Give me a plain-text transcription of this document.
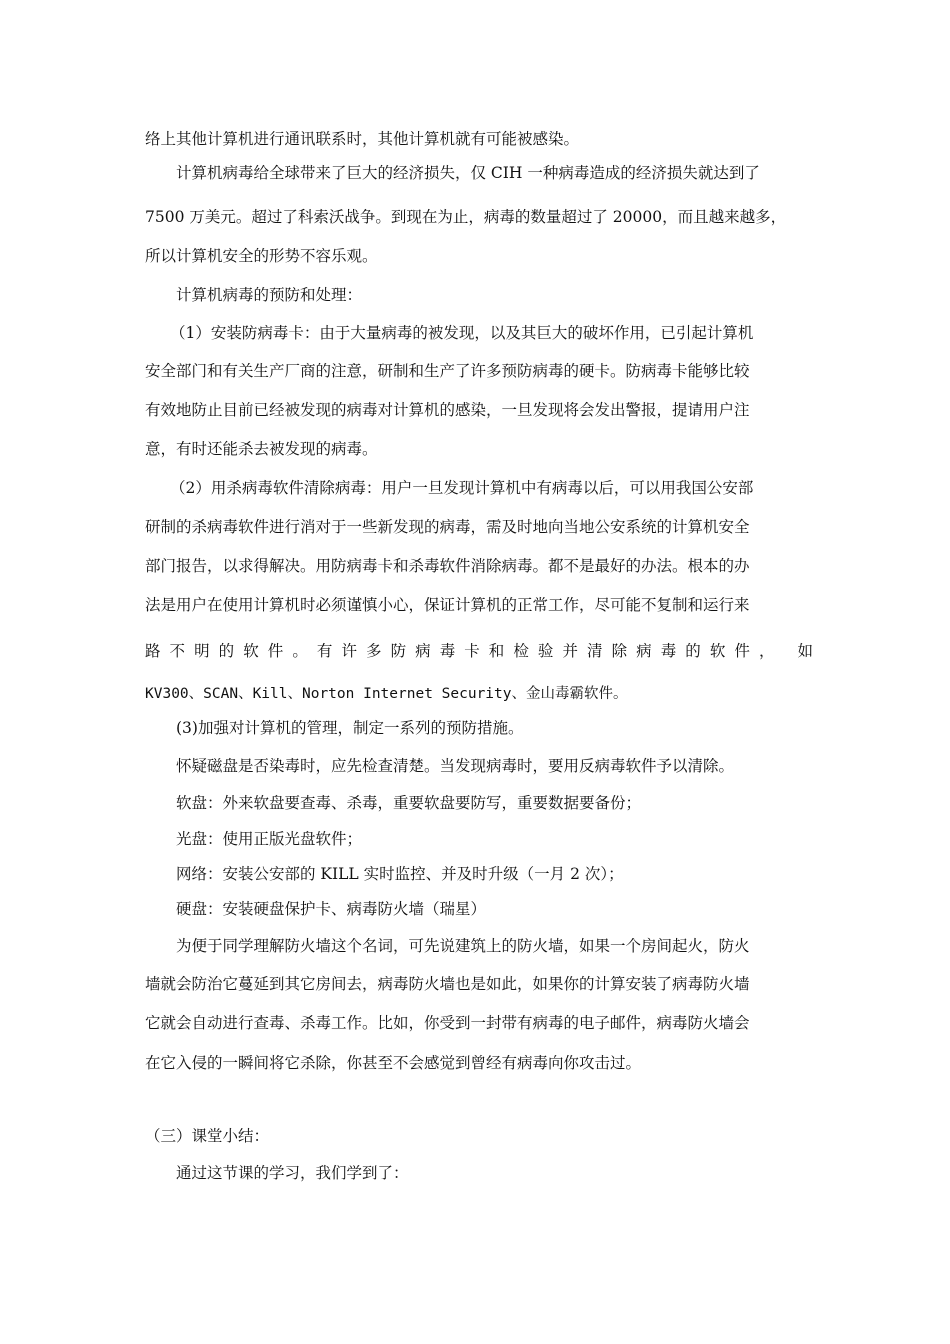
络上其他计算机进行通讯联系时，其他计算机就有可能被感染。
计算机病毒给全球带来了巨大的经济损失，仅 CIH 一种病毒造成的经济损失就达到了
7500 万美元。超过了科索沃战争。到现在为止，病毒的数量超过了 20000，而且越来越多，
所以计算机安全的形势不容乐观。
计算机病毒的预防和处理：
（1）安装防病毒卡：由于大量病毒的被发现，以及其巨大的破坏作用，已引起计算机
安全部门和有关生产厂商的注意，研制和生产了许多预防病毒的硬卡。防病毒卡能够比较
有效地防止目前已经被发现的病毒对计算机的感染，一旦发现将会发出警报，提请用户注
意，有时还能杀去被发现的病毒。
（2）用杀病毒软件清除病毒：用户一旦发现计算机中有病毒以后，可以用我国公安部
研制的杀病毒软件进行消对于一些新发现的病毒，需及时地向当地公安系统的计算机安全
部门报告，以求得解决。用防病毒卡和杀毒软件消除病毒。都不是最好的办法。根本的办
法是用户在使用计算机时必须谨慎小心，保证计算机的正常工作，尽可能不复制和运行来
路不明的软件。有许多防病毒卡和检验并清除病毒的软件， 如
KV300、SCAN、Kill、Norton Internet Security、金山毒霸软件。
(3)加强对计算机的管理，制定一系列的预防措施。
怀疑磁盘是否染毒时，应先检查清楚。当发现病毒时，要用反病毒软件予以清除。
软盘：外来软盘要查毒、杀毒，重要软盘要防写，重要数据要备份；
光盘：使用正版光盘软件；
网络：安装公安部的 KILL 实时监控、并及时升级（一月 2 次）；
硬盘：安装硬盘保护卡、病毒防火墙（瑞星）
为便于同学理解防火墙这个名词，可先说建筑上的防火墙，如果一个房间起火，防火
墙就会防治它蔓延到其它房间去，病毒防火墙也是如此，如果你的计算安装了病毒防火墙
它就会自动进行查毒、杀毒工作。比如，你受到一封带有病毒的电子邮件，病毒防火墙会
在它入侵的一瞬间将它杀除，你甚至不会感觉到曾经有病毒向你攻击过。
（三）课堂小结：
通过这节课的学习，我们学到了：
